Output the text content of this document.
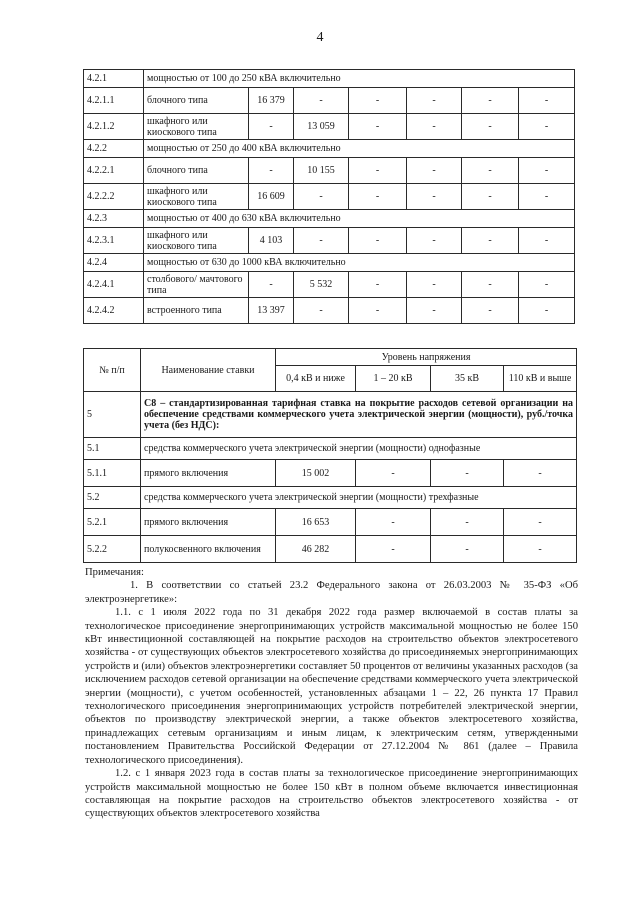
4
4.2.1	мощностью от 100 до 250 кВА включительно						
4.2.1.1	блочного типа	16 379	-	-	-	-	-
4.2.1.2	шкафного или киоскового типа	-	13 059	-	-	-	-
4.2.2	мощностью от 250 до 400 кВА включительно						
4.2.2.1	блочного типа	-	10 155	-	-	-	-
4.2.2.2	шкафного или киоскового типа	16 609	-	-	-	-	-
4.2.3	мощностью от 400 до 630 кВА включительно						
4.2.3.1	шкафного или киоскового типа	4 103	-	-	-	-	-
4.2.4	мощностью от 630 до 1000 кВА включительно						
4.2.4.1	столбового/ мачтового типа	-	5 532	-	-	-	-
4.2.4.2	встроенного типа	13 397	-	-	-	-	-
№ п/п	Наименование ставки	Уровень напряжения			
		0,4 кВ и ниже	1 – 20 кВ	35 кВ	110 кВ и выше
5	С8 – стандартизированная тарифная ставка на покрытие расходов сетевой организации на обеспечение средствами коммерческого учета электрической энергии (мощности), руб./точка учета (без НДС):				
5.1	средства коммерческого учета электрической энергии (мощности) однофазные				
5.1.1	прямого включения	15 002	-	-	-
5.2	средства коммерческого учета электрической энергии (мощности) трехфазные				
5.2.1	прямого включения	16 653	-	-	-
5.2.2	полукосвенного включения	46 282	-	-	-

Примечания:

1. В соответствии со статьей 23.2 Федерального закона от 26.03.2003 № 35-ФЗ «Об электроэнергетике»:

1.1. с 1 июля 2022 года по 31 декабря 2022 года размер включаемой в состав платы за технологическое присоединение энергопринимающих устройств максимальной мощностью не более 150 кВт инвестиционной составляющей на покрытие расходов на строительство объектов электросетевого хозяйства - от существующих объектов электросетевого хозяйства до присоединяемых энергопринимающих устройств и (или) объектов электроэнергетики составляет 50 процентов от величины указанных расходов (за исключением расходов сетевой организации на обеспечение средствами коммерческого учета электрической энергии (мощности), с учетом особенностей, установленных абзацами 1 – 22, 26 пункта 17 Правил технологического присоединения энергопринимающих устройств потребителей электрической энергии, объектов по производству электрической энергии, а также объектов электросетевого хозяйства, принадлежащих сетевым организациям и иным лицам, к электрическим сетям, утвержденными постановлением Правительства Российской Федерации от 27.12.2004 № 861 (далее – Правила технологического присоединения).

1.2. с 1 января 2023 года в состав платы за технологическое присоединение энергопринимающих устройств максимальной мощностью не более 150 кВт в полном объеме включается инвестиционная составляющая на покрытие расходов на строительство объектов электросетевого хозяйства - от существующих объектов электросетевого хозяйства
